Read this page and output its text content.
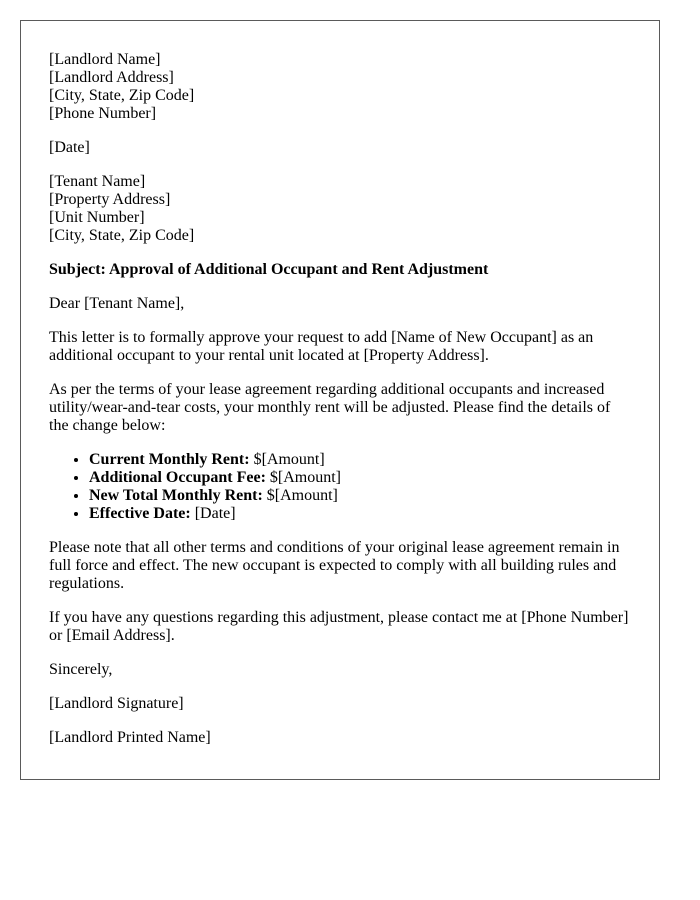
[Landlord Name]
[Landlord Address]
[City, State, Zip Code]
[Phone Number]
[Date]
[Tenant Name]
[Property Address]
[Unit Number]
[City, State, Zip Code]

Subject: Approval of Additional Occupant and Rent Adjustment

Dear [Tenant Name],

This letter is to formally approve your request to add [Name of New Occupant] as an additional occupant to your rental unit located at [Property Address].

As per the terms of your lease agreement regarding additional occupants and increased utility/wear-and-tear costs, your monthly rent will be adjusted. Please find the details of the change below:

• Current Monthly Rent: $[Amount]
• Additional Occupant Fee: $[Amount]
• New Total Monthly Rent: $[Amount]
• Effective Date: [Date]

Please note that all other terms and conditions of your original lease agreement remain in full force and effect. The new occupant is expected to comply with all building rules and regulations.

If you have any questions regarding this adjustment, please contact me at [Phone Number] or [Email Address].

Sincerely,

[Landlord Signature]

[Landlord Printed Name]
